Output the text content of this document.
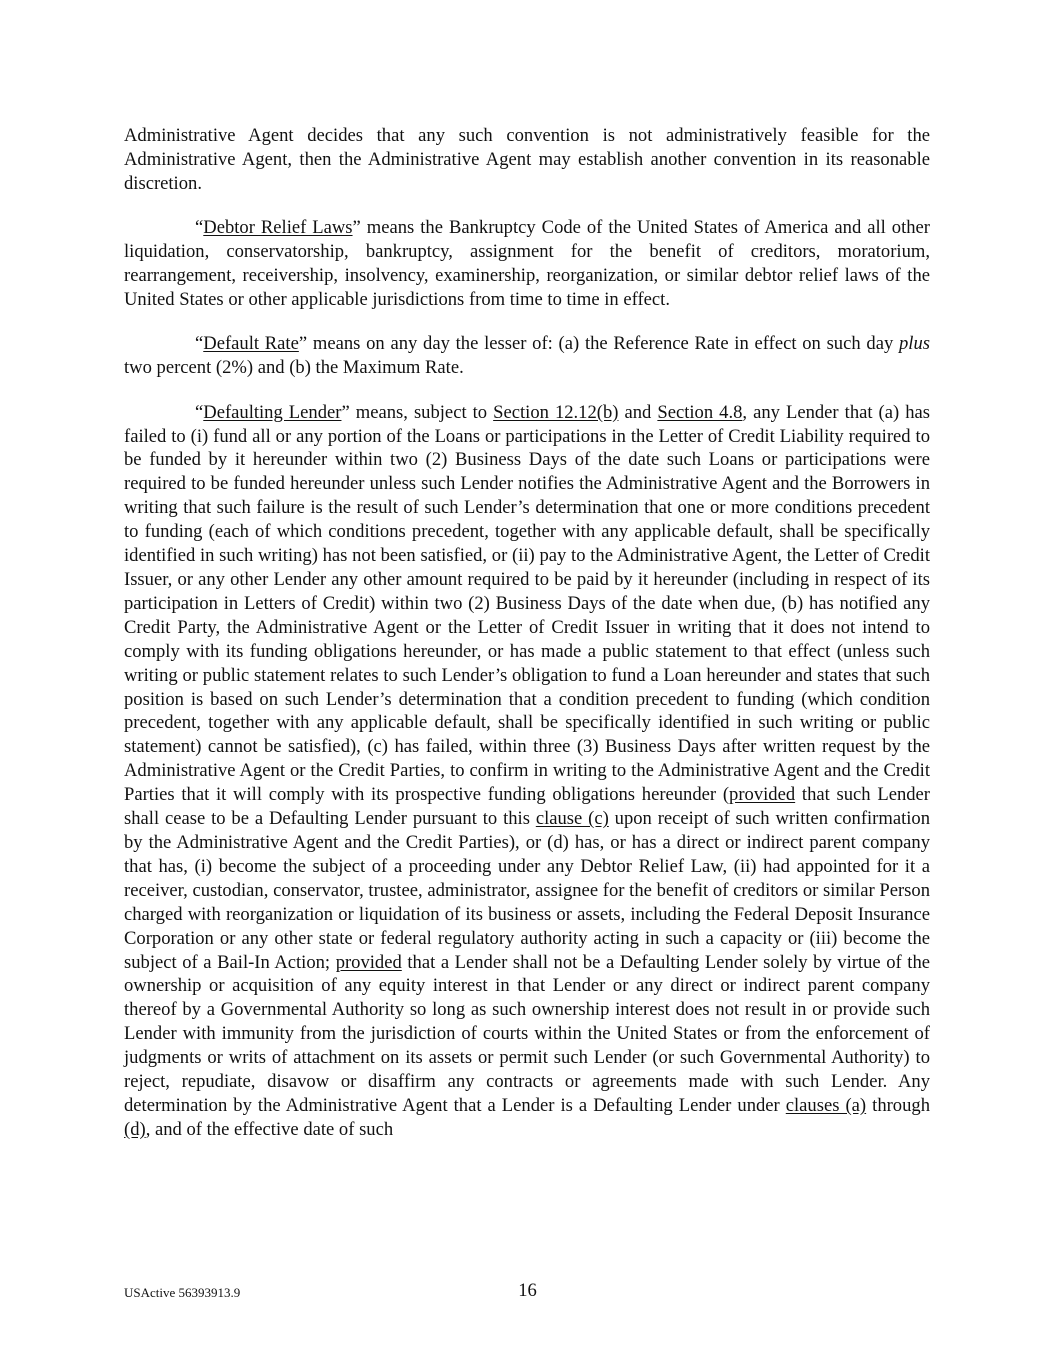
Administrative Agent decides that any such convention is not administratively feasible for the Administrative Agent, then the Administrative Agent may establish another convention in its reasonable discretion.

“Debtor Relief Laws” means the Bankruptcy Code of the United States of America and all other liquidation, conservatorship, bankruptcy, assignment for the benefit of creditors, moratorium, rearrangement, receivership, insolvency, examinership, reorganization, or similar debtor relief laws of the United States or other applicable jurisdictions from time to time in effect.

“Default Rate” means on any day the lesser of: (a) the Reference Rate in effect on such day plus two percent (2%) and (b) the Maximum Rate.

“Defaulting Lender” means, subject to Section 12.12(b) and Section 4.8, any Lender that (a) has failed to (i) fund all or any portion of the Loans or participations in the Letter of Credit Liability required to be funded by it hereunder within two (2) Business Days of the date such Loans or participations were required to be funded hereunder unless such Lender notifies the Administrative Agent and the Borrowers in writing that such failure is the result of such Lender’s determination that one or more conditions precedent to funding (each of which conditions precedent, together with any applicable default, shall be specifically identified in such writing) has not been satisfied, or (ii) pay to the Administrative Agent, the Letter of Credit Issuer, or any other Lender any other amount required to be paid by it hereunder (including in respect of its participation in Letters of Credit) within two (2) Business Days of the date when due, (b) has notified any Credit Party, the Administrative Agent or the Letter of Credit Issuer in writing that it does not intend to comply with its funding obligations hereunder, or has made a public statement to that effect (unless such writing or public statement relates to such Lender’s obligation to fund a Loan hereunder and states that such position is based on such Lender’s determination that a condition precedent to funding (which condition precedent, together with any applicable default, shall be specifically identified in such writing or public statement) cannot be satisfied), (c) has failed, within three (3) Business Days after written request by the Administrative Agent or the Credit Parties, to confirm in writing to the Administrative Agent and the Credit Parties that it will comply with its prospective funding obligations hereunder (provided that such Lender shall cease to be a Defaulting Lender pursuant to this clause (c) upon receipt of such written confirmation by the Administrative Agent and the Credit Parties), or (d) has, or has a direct or indirect parent company that has, (i) become the subject of a proceeding under any Debtor Relief Law, (ii) had appointed for it a receiver, custodian, conservator, trustee, administrator, assignee for the benefit of creditors or similar Person charged with reorganization or liquidation of its business or assets, including the Federal Deposit Insurance Corporation or any other state or federal regulatory authority acting in such a capacity or (iii) become the subject of a Bail-In Action; provided that a Lender shall not be a Defaulting Lender solely by virtue of the ownership or acquisition of any equity interest in that Lender or any direct or indirect parent company thereof by a Governmental Authority so long as such ownership interest does not result in or provide such Lender with immunity from the jurisdiction of courts within the United States or from the enforcement of judgments or writs of attachment on its assets or permit such Lender (or such Governmental Authority) to reject, repudiate, disavow or disaffirm any contracts or agreements made with such Lender. Any determination by the Administrative Agent that a Lender is a Defaulting Lender under clauses (a) through (d), and of the effective date of such

USActive 56393913.9	16
